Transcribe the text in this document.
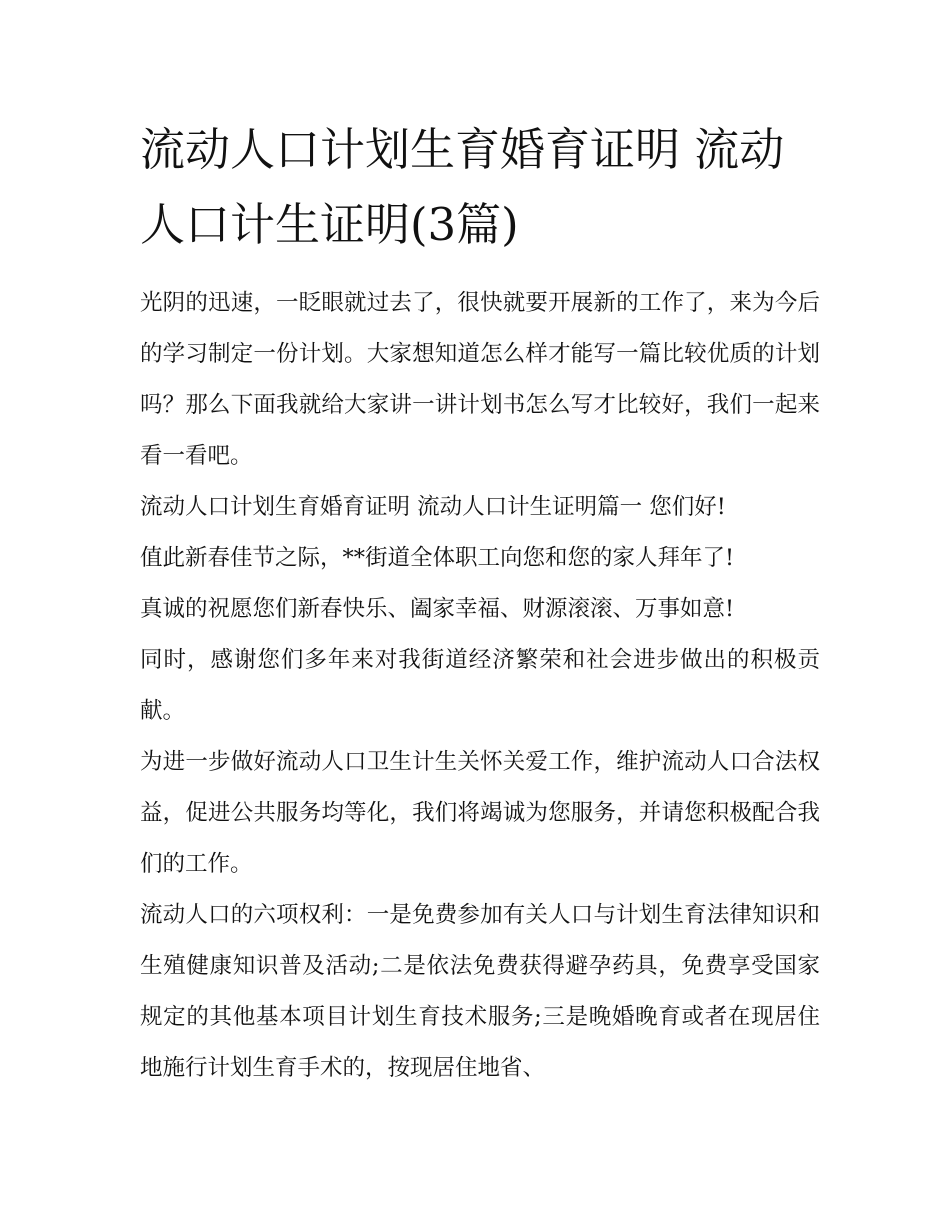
流动人口计划生育婚育证明 流动人口计生证明(3篇)

光阴的迅速，一眨眼就过去了，很快就要开展新的工作了，来为今后的学习制定一份计划。大家想知道怎么样才能写一篇比较优质的计划吗？那么下面我就给大家讲一讲计划书怎么写才比较好，我们一起来看一看吧。

流动人口计划生育婚育证明 流动人口计生证明篇一 您们好!

值此新春佳节之际，**街道全体职工向您和您的家人拜年了!

真诚的祝愿您们新春快乐、阖家幸福、财源滚滚、万事如意!

同时，感谢您们多年来对我街道经济繁荣和社会进步做出的积极贡献。

为进一步做好流动人口卫生计生关怀关爱工作，维护流动人口合法权益，促进公共服务均等化，我们将竭诚为您服务，并请您积极配合我们的工作。

流动人口的六项权利：一是免费参加有关人口与计划生育法律知识和生殖健康知识普及活动;二是依法免费获得避孕药具，免费享受国家规定的其他基本项目计划生育技术服务;三是晚婚晚育或者在现居住地施行计划生育手术的，按现居住地省、
